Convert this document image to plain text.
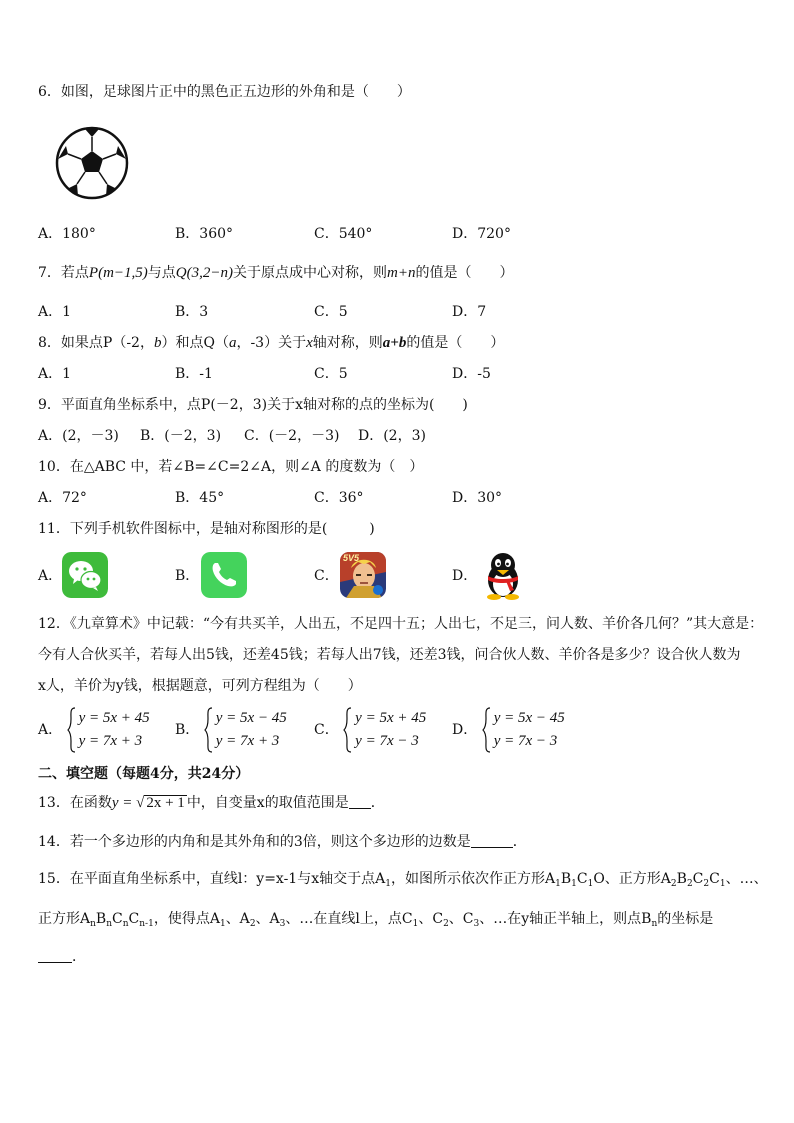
6．如图，足球图片正中的黑色正五边形的外角和是（　　）
A．180°	B．360°	C．540°	D．720°
7．若点P(m−1,5)与点Q(3,2−n)关于原点成中心对称，则m+n的值是（　　）
A．1	B．3	C．5	D．7
8．如果点P（-2，b）和点Q（a，-3）关于x轴对称，则a+b的值是（　　）
A．1	B．-1	C．5	D．-5
9．平面直角坐标系中，点P(－2，3)关于x轴对称的点的坐标为(　　)
A．(2，－3) B．(－2，3) C．(－2，－3) D．(2，3)
10．在△ABC 中，若∠B=∠C=2∠A，则∠A 的度数为（　）
A．72°	B．45°	C．36°	D．30°
11．下列手机软件图标中，是轴对称图形的是(　　　)
A．	B．	C．
5V5
D．
12．《九章算术》中记载：“今有共买羊，人出五，不足四十五；人出七，不足三，问人数、羊价各几何？”其大意是：
今有人合伙买羊，若每人出5钱，还差45钱；若每人出7钱，还差3钱，问合伙人数、羊价各是多少？设合伙人数为
x人，羊价为y钱，根据题意，可列方程组为（　　）
A．
y = 5x + 45
y = 7x + 3
B．
y = 5x − 45
y = 7x + 3
C．
y = 5x + 45
y = 7x − 3
D．
y = 5x − 45
y = 7x − 3
二、填空题（每题4分，共24分）
13．在函数y = √ 2x + 1 中，自变量x的取值范围是 ．
14．若一个多边形的内角和是其外角和的3倍，则这个多边形的边数是	．
15．在平面直角坐标系中，直线l：y=x-1与x轴交于点$A_1$，如图所示依次作正方形$A_1B_1C_1O$、正方形$A_2B_2C_2C_1$、…、
正方形$A_nB_nC_nC_{n-1}$，使得点$A_1$、$A_2$、$A_3$、…在直线l上，点$C_1$、$C_2$、$C_3$、…在y轴正半轴上，则点$B_n$的坐标是
．
